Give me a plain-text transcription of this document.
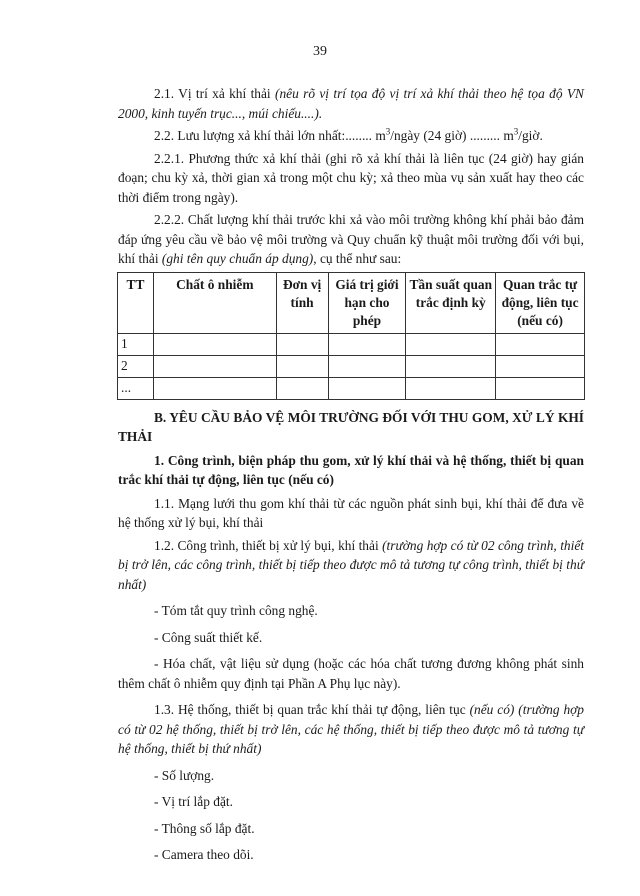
39

2.1. Vị trí xả khí thải (nêu rõ vị trí tọa độ vị trí xả khí thải theo hệ tọa độ VN 2000, kinh tuyến trục..., múi chiếu....).

2.2. Lưu lượng xả khí thải lớn nhất:........ $m^3$/ngày (24 giờ) ......... $m^3$/giờ.

2.2.1. Phương thức xả khí thải (ghi rõ xả khí thải là liên tục (24 giờ) hay gián đoạn; chu kỳ xả, thời gian xả trong một chu kỳ; xả theo mùa vụ sản xuất hay theo các thời điểm trong ngày).

2.2.2. Chất lượng khí thải trước khi xả vào môi trường không khí phải bảo đảm đáp ứng yêu cầu về bảo vệ môi trường và Quy chuẩn kỹ thuật môi trường đối với bụi, khí thải (ghi tên quy chuẩn áp dụng), cụ thể như sau:

TT	Chất ô nhiễm	Đơn vị tính	Giá trị giới hạn cho phép	Tần suất quan trắc định kỳ	Quan trắc tự động, liên tục (nếu có)
1					
2					
...					

B. YÊU CẦU BẢO VỆ MÔI TRƯỜNG ĐỐI VỚI THU GOM, XỬ LÝ KHÍ THẢI

1. Công trình, biện pháp thu gom, xử lý khí thải và hệ thống, thiết bị quan trắc khí thải tự động, liên tục (nếu có)

1.1. Mạng lưới thu gom khí thải từ các nguồn phát sinh bụi, khí thải để đưa về hệ thống xử lý bụi, khí thải

1.2. Công trình, thiết bị xử lý bụi, khí thải (trường hợp có từ 02 công trình, thiết bị trở lên, các công trình, thiết bị tiếp theo được mô tả tương tự công trình, thiết bị thứ nhất)

- Tóm tắt quy trình công nghệ.

- Công suất thiết kế.

- Hóa chất, vật liệu sử dụng (hoặc các hóa chất tương đương không phát sinh thêm chất ô nhiễm quy định tại Phần A Phụ lục này).

1.3. Hệ thống, thiết bị quan trắc khí thải tự động, liên tục (nếu có) (trường hợp có từ 02 hệ thống, thiết bị trở lên, các hệ thống, thiết bị tiếp theo được mô tả tương tự hệ thống, thiết bị thứ nhất)

- Số lượng.

- Vị trí lắp đặt.

- Thông số lắp đặt.

- Camera theo dõi.
